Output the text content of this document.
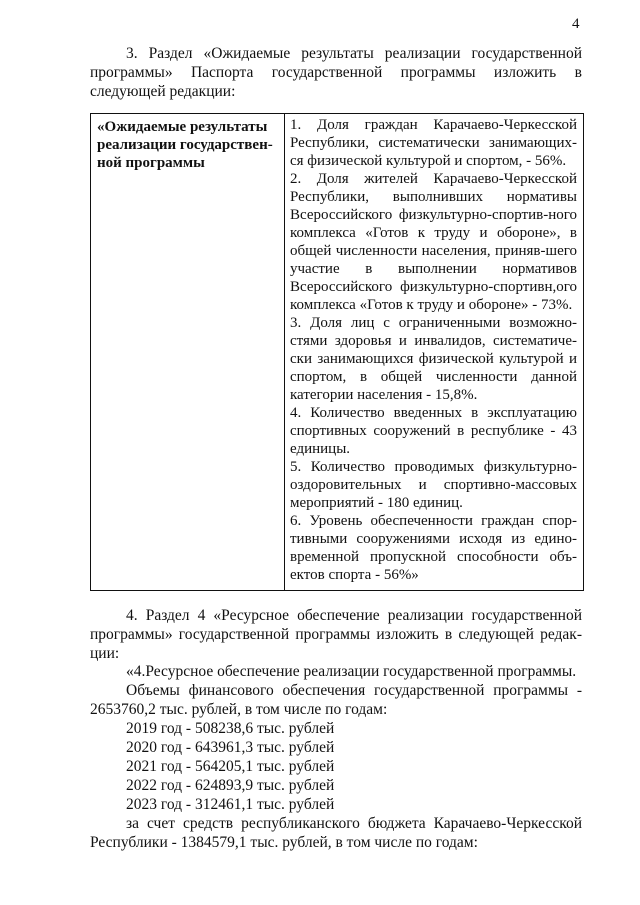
4
3. Раздел «Ожидаемые результаты реализации государственной программы» Паспорта государственной программы изложить в следующей редакции:
«Ожидаемые результаты реализации государствен-ной программы

1. Доля граждан Карачаево-Черкесской Республики, систематически занимающих-ся физической культурой и спортом, - 56%.

2. Доля жителей Карачаево-Черкесской Республики, выполнивших нормативы Всероссийского физкультурно-спортив-ного комплекса «Готов к труду и обороне», в общей численности населения, приняв-шего участие в выполнении нормативов Всероссийского физкультурно-спортивн,ого комплекса «Готов к труду и обороне» - 73%.

3. Доля лиц с ограниченными возможно-стями здоровья и инвалидов, систематиче-ски занимающихся физической культурой и спортом, в общей численности данной категории населения - 15,8%.

4. Количество введенных в эксплуатацию спортивных сооружений в республике - 43 единицы.

5. Количество проводимых физкультурно-оздоровительных и спортивно-массовых мероприятий - 180 единиц.

6. Уровень обеспеченности граждан спор-тивными сооружениями исходя из едино-временной пропускной способности объ-ектов спорта - 56%»

4. Раздел 4 «Ресурсное обеспечение реализации государственной программы» государственной программы изложить в следующей редак-ции:
«4.Ресурсное обеспечение реализации государственной программы.
Объемы финансового обеспечения государственной программы - 2653760,2 тыс. рублей, в том числе по годам:
2019 год - 508238,6 тыс. рублей
2020 год - 643961,3 тыс. рублей
2021 год - 564205,1 тыс. рублей
2022 год - 624893,9 тыс. рублей
2023 год - 312461,1 тыс. рублей
за счет средств республиканского бюджета Карачаево-Черкесской Республики - 1384579,1 тыс. рублей, в том числе по годам:
